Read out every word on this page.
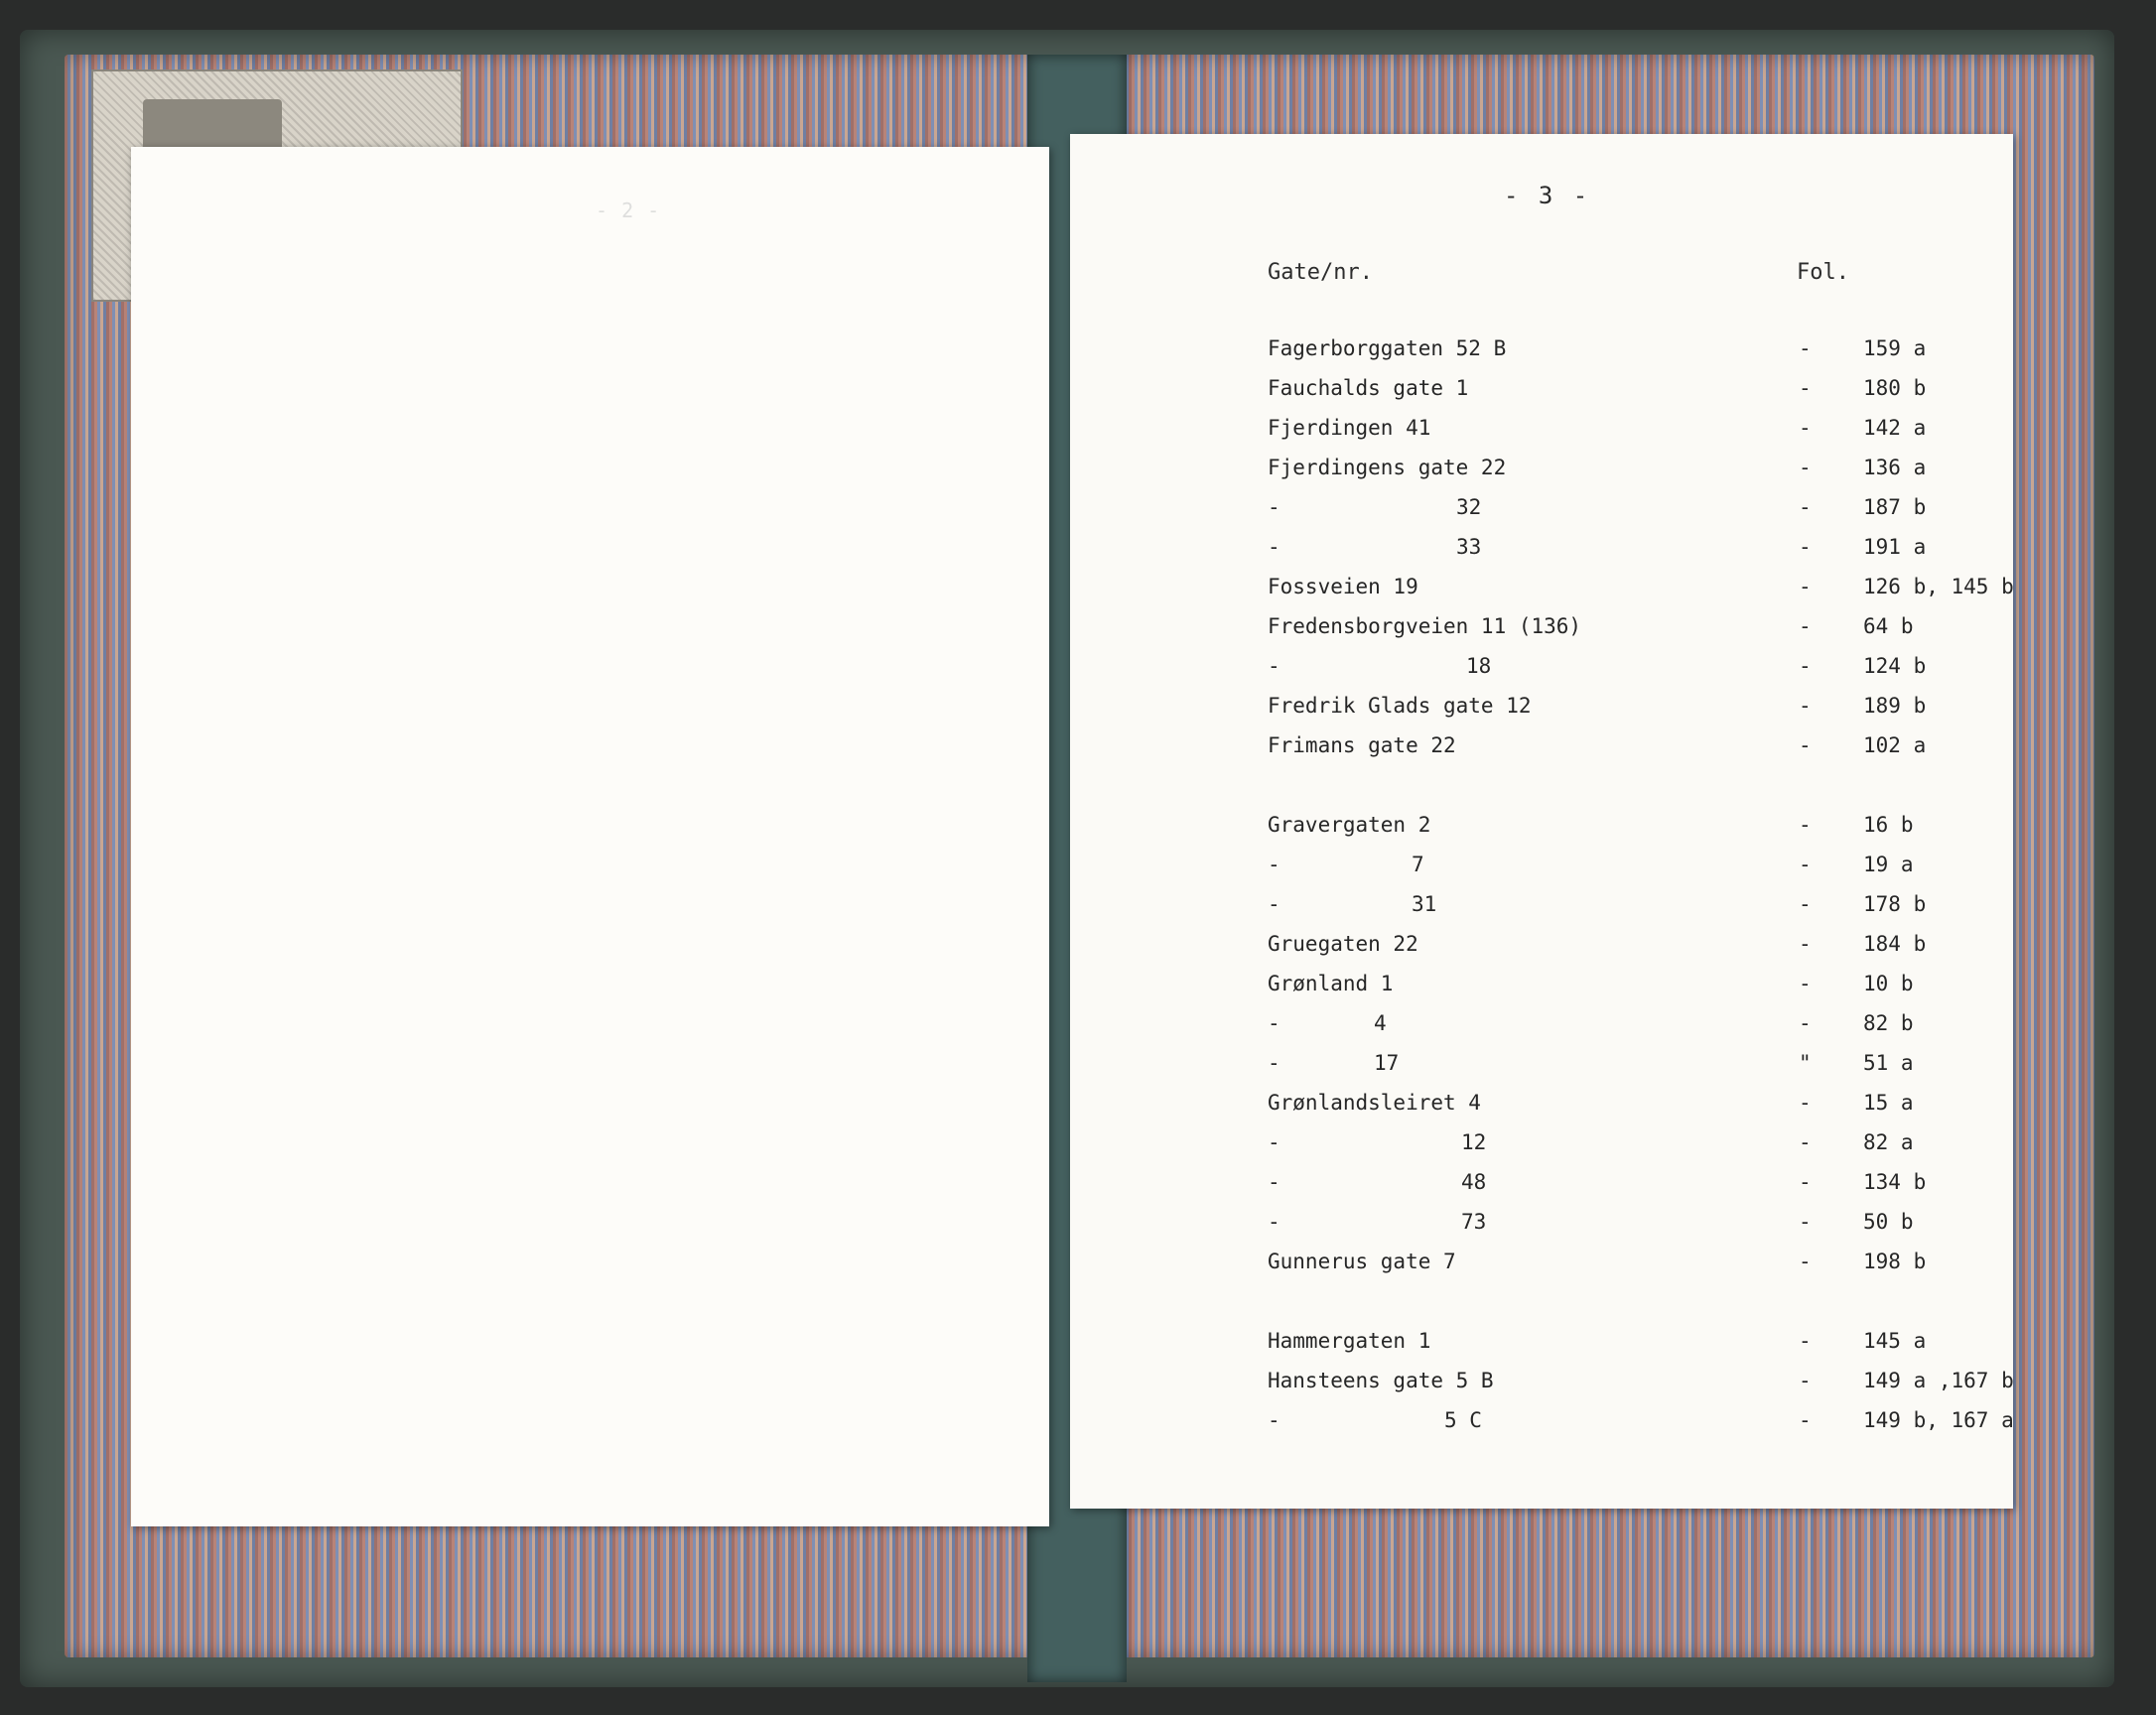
- 2 -
- 3 -
Gate/nr.	Fol.
Fagerborggaten 52 B	- 159 a
Fauchalds gate 1	- 180 b
Fjerdingen 41	- 142 a
Fjerdingens gate 22	- 136 a
-	32	- 187 b
-	33	- 191 a
Fossveien 19	- 126 b, 145 b
Fredensborgveien 11 (136)	- 64 b
-	18	- 124 b
Fredrik Glads gate 12	- 189 b
Frimans gate 22	- 102 a
Gravergaten 2	- 16 b
-	7	- 19 a
-	31	- 178 b
Gruegaten 22	- 184 b
Grønland 1	- 10 b
-	4	- 82 b
-	17	" 51 a
Grønlandsleiret 4	- 15 a
-	12	- 82 a
-	48	- 134 b
-	73	- 50 b
Gunnerus gate 7	- 198 b
Hammergaten 1	- 145 a
Hansteens gate 5 B	- 149 a ,167 b
-	5 C	- 149 b, 167 a
